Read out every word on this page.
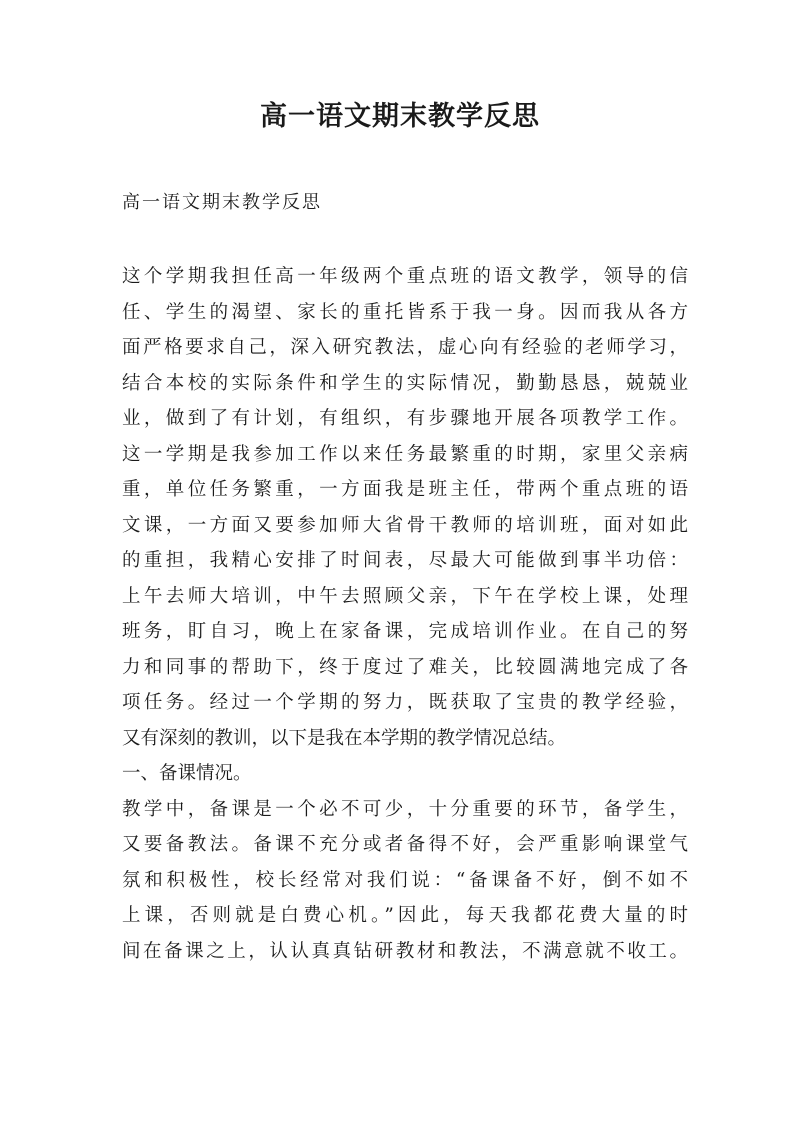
高一语文期末教学反思
高一语文期末教学反思
这个学期我担任高一年级两个重点班的语文教学，领导的信
任、学生的渴望、家长的重托皆系于我一身。因而我从各方
面严格要求自己，深入研究教法，虚心向有经验的老师学习，
结合本校的实际条件和学生的实际情况，勤勤恳恳，兢兢业
业，做到了有计划，有组织，有步骤地开展各项教学工作。
这一学期是我参加工作以来任务最繁重的时期，家里父亲病
重，单位任务繁重，一方面我是班主任，带两个重点班的语
文课，一方面又要参加师大省骨干教师的培训班，面对如此
的重担，我精心安排了时间表，尽最大可能做到事半功倍：
上午去师大培训，中午去照顾父亲，下午在学校上课，处理
班务，盯自习，晚上在家备课，完成培训作业。在自己的努
力和同事的帮助下，终于度过了难关，比较圆满地完成了各
项任务。经过一个学期的努力，既获取了宝贵的教学经验，
又有深刻的教训，以下是我在本学期的教学情况总结。
一、备课情况。
教学中，备课是一个必不可少，十分重要的环节，备学生，
又要备教法。备课不充分或者备得不好，会严重影响课堂气
氛和积极性，校长经常对我们说：“备课备不好，倒不如不
上课，否则就是白费心机。”因此，每天我都花费大量的时
间在备课之上，认认真真钻研教材和教法，不满意就不收工。
